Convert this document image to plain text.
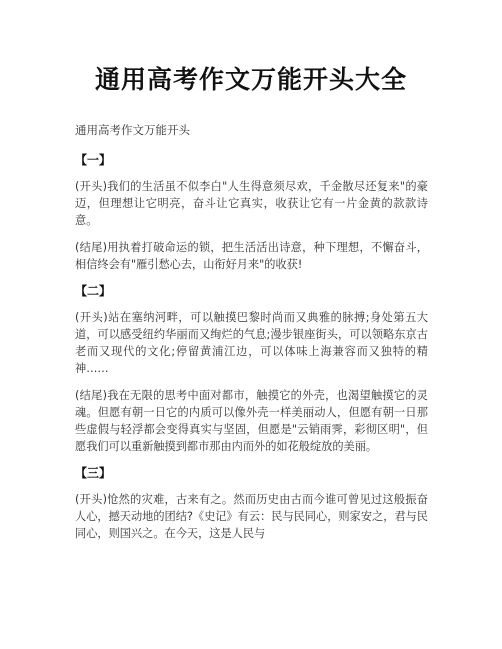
通用高考作文万能开头大全

通用高考作文万能开头

【一】

(开头)我们的生活虽不似李白"人生得意须尽欢，千金散尽还复来"的豪迈，但理想让它明亮，奋斗让它真实，收获让它有一片金黄的款款诗意。

(结尾)用执着打破命运的锁，把生活活出诗意，种下理想，不懈奋斗，相信终会有"雁引愁心去，山衔好月来"的收获!

【二】

(开头)站在塞纳河畔，可以触摸巴黎时尚而又典雅的脉搏;身处第五大道，可以感受纽约华丽而又绚烂的气息;漫步银座街头，可以领略东京古老而又现代的文化;停留黄浦江边，可以体味上海兼容而又独特的精神……

(结尾)我在无限的思考中面对都市，触摸它的外壳，也渴望触摸它的灵魂。但愿有朝一日它的内质可以像外壳一样美丽动人，但愿有朝一日那些虚假与轻浮都会变得真实与坚固，但愿是"云销雨霁，彩彻区明"，但愿我们可以重新触摸到都市那由内而外的如花般绽放的美丽。

【三】

(开头)怆然的灾难，古来有之。然而历史由古而今谁可曾见过这般振奋人心，撼天动地的团结?《史记》有云：民与民同心，则家安之，君与民同心，则国兴之。在今天，这是人民与
